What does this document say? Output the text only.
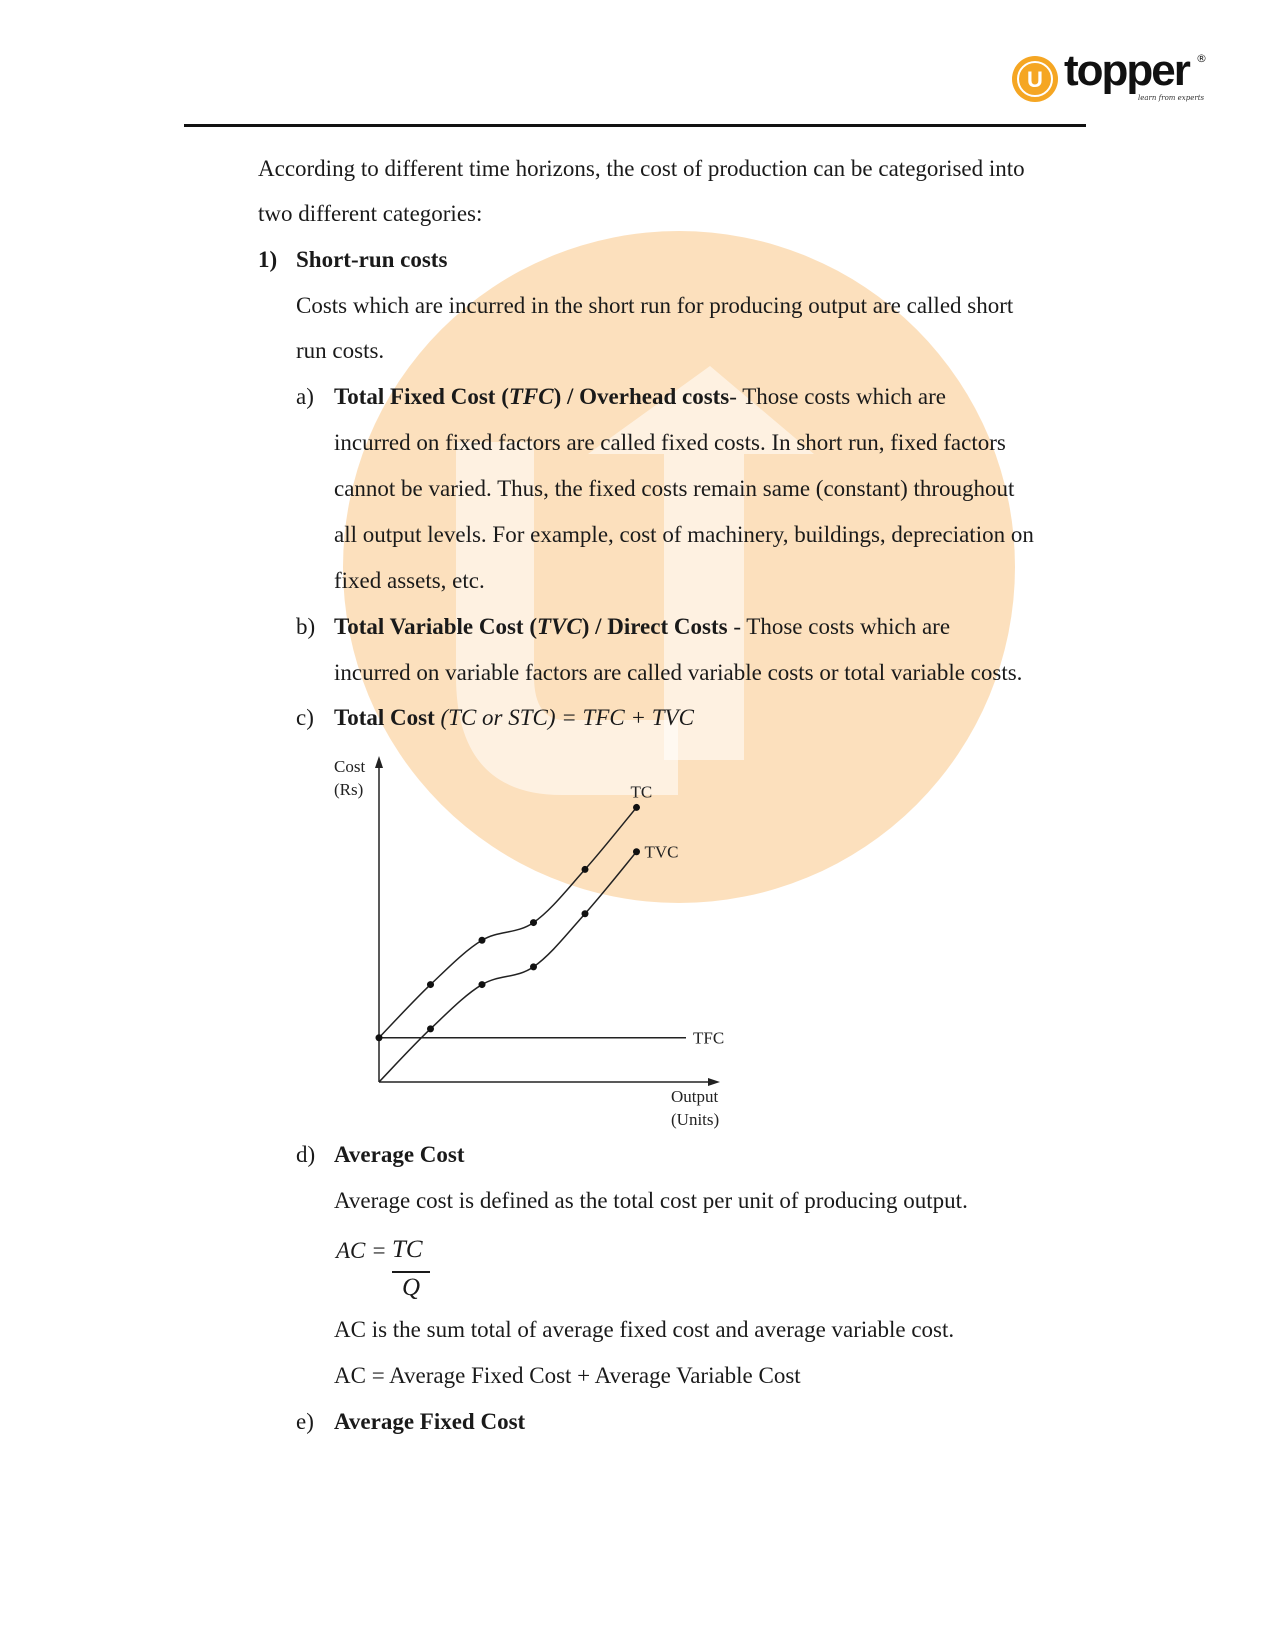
U topper ®
learn from experts
According to different time horizons, the cost of production can be categorised into
two different categories:
1) Short-run costs
Costs which are incurred in the short run for producing output are called short
run costs.
a) Total Fixed Cost (TFC) / Overhead costs- Those costs which are
incurred on fixed factors are called fixed costs. In short run, fixed factors
cannot be varied. Thus, the fixed costs remain same (constant) throughout
all output levels. For example, cost of machinery, buildings, depreciation on
fixed assets, etc.
b) Total Variable Cost (TVC) / Direct Costs - Those costs which are
incurred on variable factors are called variable costs or total variable costs.
c) Total Cost (TC or STC) = TFC + TVC
Cost
(Rs)
Output
(Units)
TC
TVC
TFC
d) Average Cost
Average cost is defined as the total cost per unit of producing output.
AC = TC
Q
AC is the sum total of average fixed cost and average variable cost.
AC = Average Fixed Cost + Average Variable Cost
e) Average Fixed Cost
